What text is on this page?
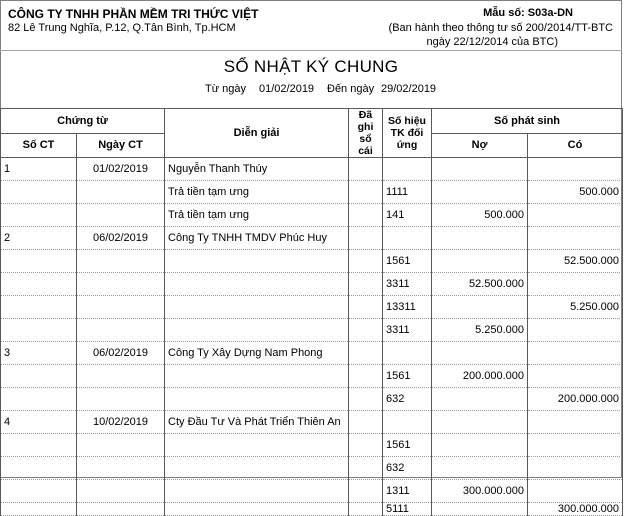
CÔNG TY TNHH PHẦN MỀM TRI THỨC VIỆT
82 Lê Trung Nghĩa, P.12, Q.Tân Bình, Tp.HCM
Mẫu số: S03a-DN
(Ban hành theo thông tư số 200/2014/TT-BTC
ngày 22/12/2014 của BTC)
SỔ NHẬT KÝ CHUNG
Từ ngày 01/02/2019 Đến ngày 29/02/2019
Chứng từ		Diễn giải	Đã ghi sổ cái	Số hiệu TK đối ứng	Số phát sinh	
Số CT	Ngày CT				Nợ	Có
1	01/02/2019	Nguyễn Thanh Thúy				
		Trả tiền tạm ưng		1111		500.000
		Trả tiền tạm ưng		141	500.000	
2	06/02/2019	Công Ty TNHH TMDV Phúc Huy				
				1561		52.500.000
				3311	52.500.000	
				13311		5.250.000
				3311	5.250.000	
3	06/02/2019	Công Ty Xây Dựng Nam Phong				
				1561	200.000.000	
				632		200.000.000
4	10/02/2019	Cty Đầu Tư Và Phát Triển Thiên An				
				1561		
				632		
				1311	300.000.000	
				5111		300.000.000
